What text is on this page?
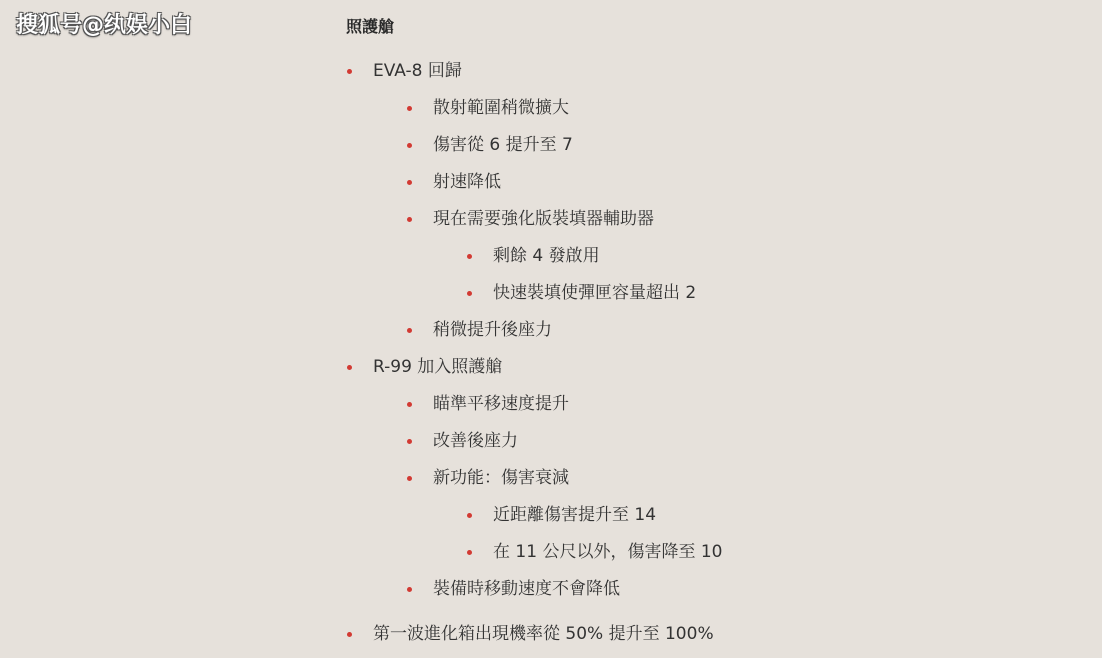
搜狐号@纨娱小白	照護艙
EVA-8 回歸
散射範圍稍微擴大
傷害從 6 提升至 7
射速降低
現在需要強化版裝填器輔助器
剩餘 4 發啟用
快速裝填使彈匣容量超出 2
稍微提升後座力
R-99 加入照護艙
瞄準平移速度提升
改善後座力
新功能：傷害衰減
近距離傷害提升至 14
在 11 公尺以外，傷害降至 10
裝備時移動速度不會降低
第一波進化箱出現機率從 50% 提升至 100%
